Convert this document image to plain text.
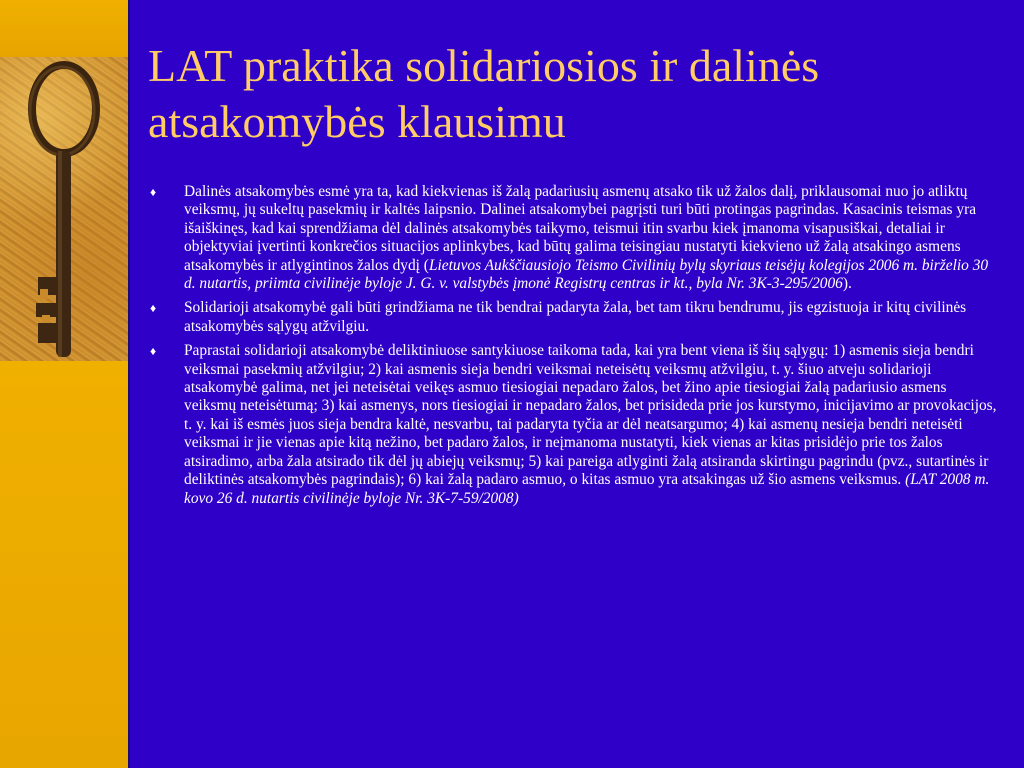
LAT praktika solidariosios ir dalinės atsakomybės klausimu

♦ Dalinės atsakomybės esmė yra ta, kad kiekvienas iš žalą padariusių asmenų atsako tik už žalos dalį, priklausomai nuo jo atliktų veiksmų, jų sukeltų pasekmių ir kaltės laipsnio. Dalinei atsakomybei pagrįsti turi būti protingas pagrindas. Kasacinis teismas yra išaiškinęs, kad kai sprendžiama dėl dalinės atsakomybės taikymo, teismui itin svarbu kiek įmanoma visapusiškai, detaliai ir objektyviai įvertinti konkrečios situacijos aplinkybes, kad būtų galima teisingiau nustatyti kiekvieno už žalą atsakingo asmens atsakomybės ir atlygintinos žalos dydį (Lietuvos Aukščiausiojo Teismo Civilinių bylų skyriaus teisėjų kolegijos 2006 m. birželio 30 d. nutartis, priimta civilinėje byloje J. G. v. valstybės įmonė Registrų centras ir kt., byla Nr. 3K-3-295/2006).

♦ Solidarioji atsakomybė gali būti grindžiama ne tik bendrai padaryta žala, bet tam tikru bendrumu, jis egzistuoja ir kitų civilinės atsakomybės sąlygų atžvilgiu.

♦ Paprastai solidarioji atsakomybė deliktiniuose santykiuose taikoma tada, kai yra bent viena iš šių sąlygų: 1) asmenis sieja bendri veiksmai pasekmių atžvilgiu; 2) kai asmenis sieja bendri veiksmai neteisėtų veiksmų atžvilgiu, t. y. šiuo atveju solidarioji atsakomybė galima, net jei neteisėtai veikęs asmuo tiesiogiai nepadaro žalos, bet žino apie tiesiogiai žalą padariusio asmens veiksmų neteisėtumą; 3) kai asmenys, nors tiesiogiai ir nepadaro žalos, bet prisideda prie jos kurstymo, inicijavimo ar provokacijos, t. y. kai iš esmės juos sieja bendra kaltė, nesvarbu, tai padaryta tyčia ar dėl neatsargumo; 4) kai asmenų nesieja bendri neteisėti veiksmai ir jie vienas apie kitą nežino, bet padaro žalos, ir neįmanoma nustatyti, kiek vienas ar kitas prisidėjo prie tos žalos atsiradimo, arba žala atsirado tik dėl jų abiejų veiksmų; 5) kai pareiga atlyginti žalą atsiranda skirtingu pagrindu (pvz., sutartinės ir deliktinės atsakomybės pagrindais); 6) kai žalą padaro asmuo, o kitas asmuo yra atsakingas už šio asmens veiksmus. (LAT 2008 m. kovo 26 d. nutartis civilinėje byloje Nr. 3K-7-59/2008)
